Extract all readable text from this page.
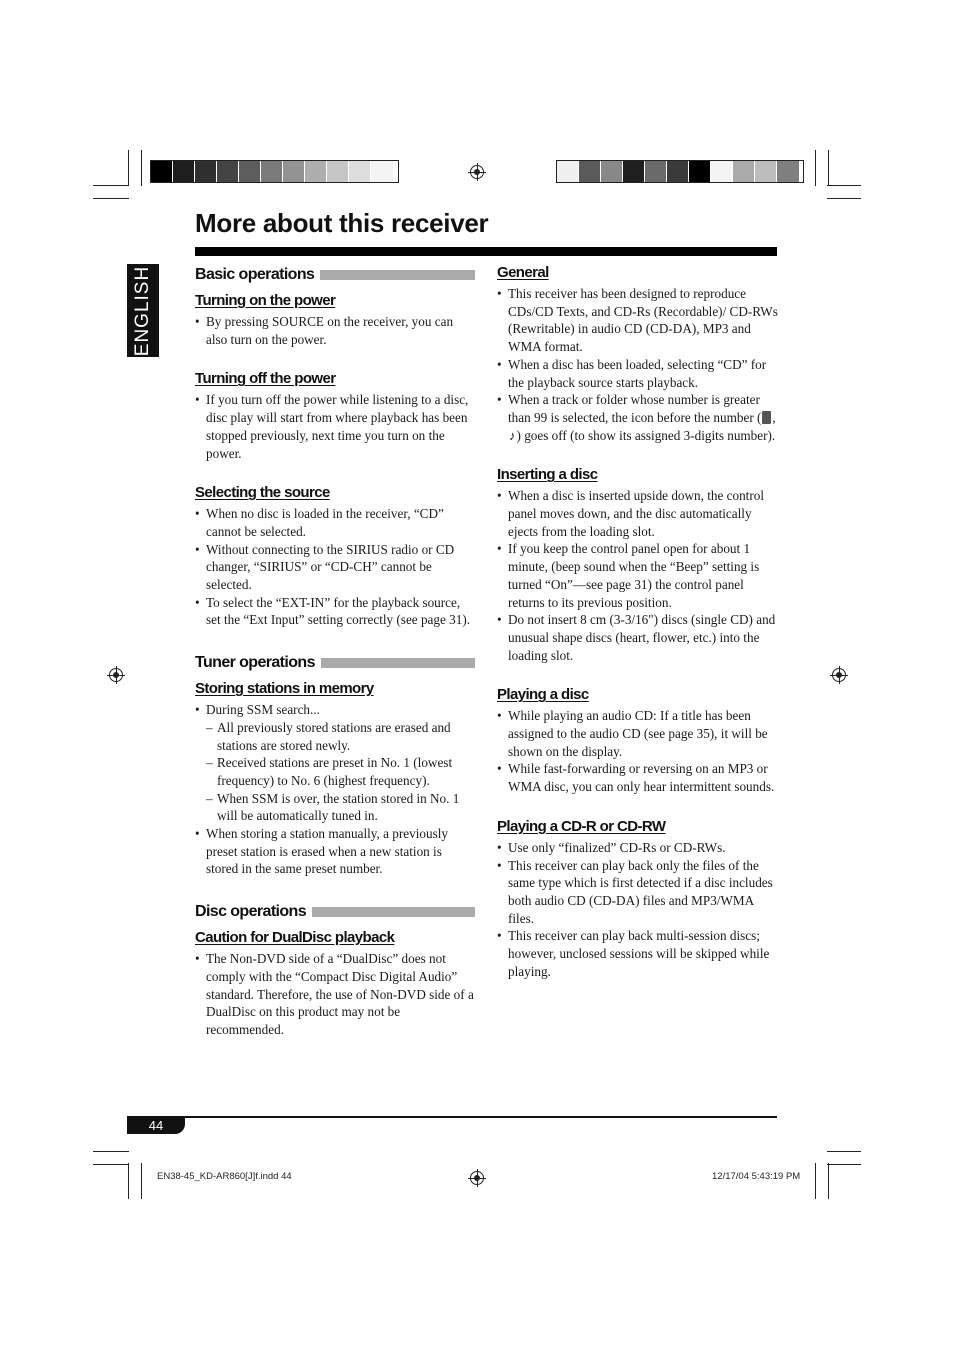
More about this receiver
ENGLISH	Basic operations
Turning on the power
• By pressing SOURCE on the receiver, you can also turn on the power.
Turning off the power
• If you turn off the power while listening to a disc, disc play will start from where playback has been stopped previously, next time you turn on the power.
Selecting the source
• When no disc is loaded in the receiver, “CD” cannot be selected.
• Without connecting to the SIRIUS radio or CD changer, “SIRIUS” or “CD-CH” cannot be selected.
• To select the “EXT-IN” for the playback source, set the “Ext Input” setting correctly (see page 31).
Tuner operations
Storing stations in memory
• During SSM search...
– All previously stored stations are erased and stations are stored newly.
– Received stations are preset in No. 1 (lowest frequency) to No. 6 (highest frequency).
– When SSM is over, the station stored in No. 1 will be automatically tuned in.
• When storing a station manually, a previously preset station is erased when a new station is stored in the same preset number.
Disc operations
Caution for DualDisc playback
• The Non-DVD side of a “DualDisc” does not comply with the “Compact Disc Digital Audio” standard. Therefore, the use of Non-DVD side of a DualDisc on this product may not be recommended.
General
• This receiver has been designed to reproduce CDs/CD Texts, and CD-Rs (Recordable)/ CD-RWs (Rewritable) in audio CD (CD-DA), MP3 and WMA format.
• When a disc has been loaded, selecting “CD” for the playback source starts playback.
• When a track or folder whose number is greater than 99 is selected, the icon before the number ( , ♪) goes off (to show its assigned 3-digits number).
Inserting a disc
• When a disc is inserted upside down, the control panel moves down, and the disc automatically ejects from the loading slot.
• If you keep the control panel open for about 1 minute, (beep sound when the “Beep” setting is turned “On”—see page 31) the control panel returns to its previous position.
• Do not insert 8 cm (3-3/16") discs (single CD) and unusual shape discs (heart, flower, etc.) into the loading slot.
Playing a disc
• While playing an audio CD: If a title has been assigned to the audio CD (see page 35), it will be shown on the display.
• While fast-forwarding or reversing on an MP3 or WMA disc, you can only hear intermittent sounds.
Playing a CD-R or CD-RW
• Use only “finalized” CD-Rs or CD-RWs.
• This receiver can play back only the files of the same type which is first detected if a disc includes both audio CD (CD-DA) files and MP3/WMA files.
• This receiver can play back multi-session discs; however, unclosed sessions will be skipped while playing.
44
EN38-45_KD-AR860[J]f.indd 44	12/17/04 5:43:19 PM
